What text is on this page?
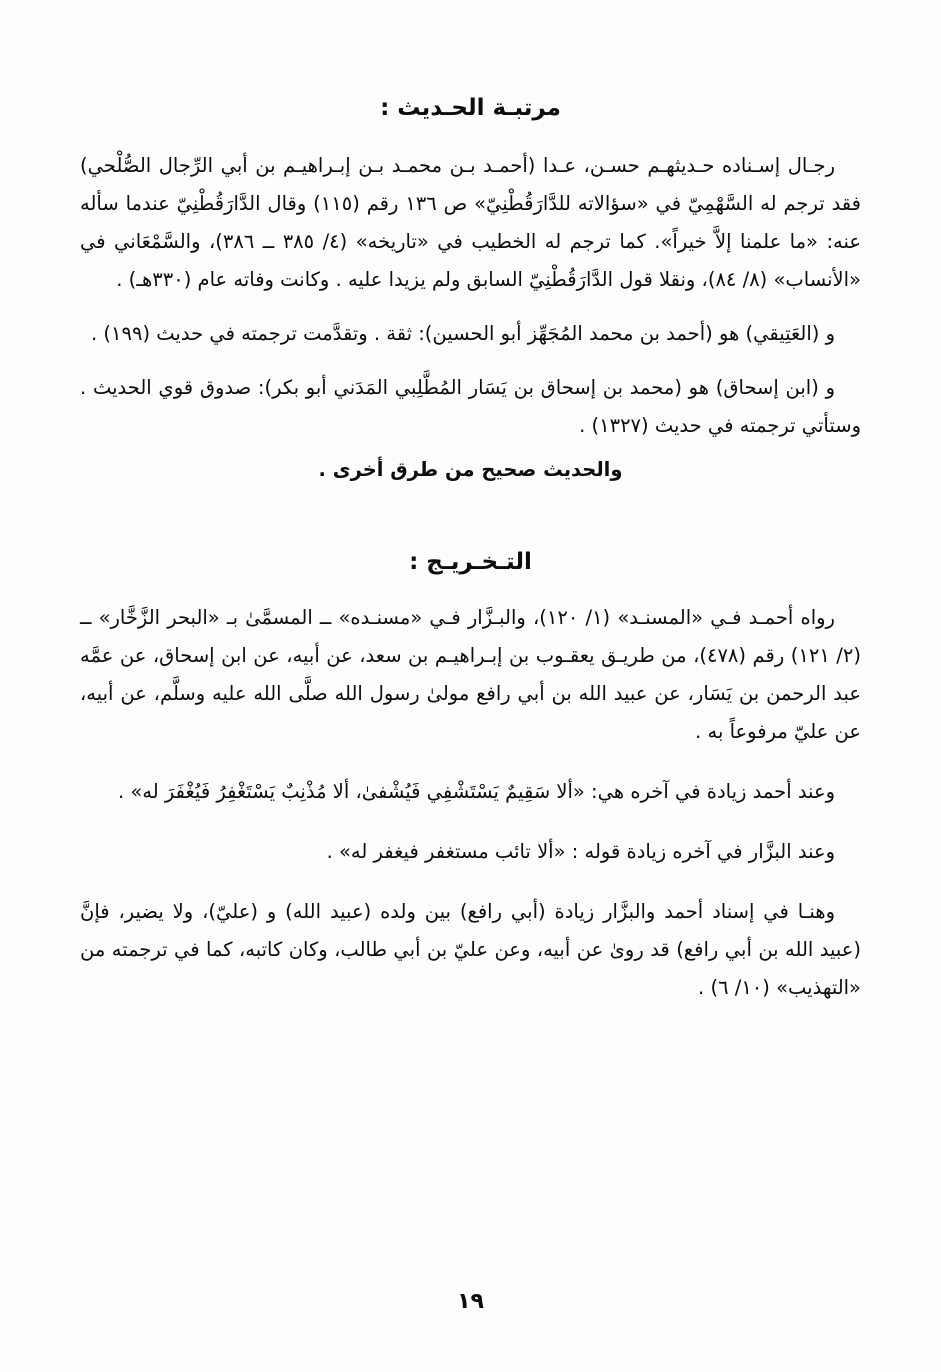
مرتبـة الحـديث :

رجـال إسـناده حـديثهـم حسـن، عـدا (أحمـد بـن محمـد بـن إبـراهيـم بن أبي الرِّجال الصُّلْحي) فقد ترجم له السَّهْمِيّ في «سؤالاته للدَّارَقُطْنِيّ» ص ١٣٦ رقم (١١٥) وقال الدَّارَقُطْنِيّ عندما سأله عنه: «ما علمنا إلاَّ خيراً». كما ترجم له الخطيب في «تاريخه» (٤/ ٣٨٥ ــ ٣٨٦)، والسَّمْعَاني في «الأنساب» (٨/ ٨٤)، ونقلا قول الدَّارَقُطْنِيّ السابق ولم يزيدا عليه . وكانت وفاته عام (٣٣٠هـ) .

و (العَتِيقي) هو (أحمد بن محمد المُجَهِّز أبو الحسين): ثقة . وتقدَّمت ترجمته في حديث (١٩٩) .

و (ابن إسحاق) هو (محمد بن إسحاق بن يَسَار المُطَّلِبي المَدَني أبو بكر): صدوق قوي الحديث . وستأتي ترجمته في حديث (١٣٢٧) .

والحديث صحيح من طرق أخرى .

التـخـريـج :

رواه أحمـد فـي «المسنـد» (١/ ١٢٠)، والبـزَّار فـي «مسنـده» ــ المسمَّىٰ بـ «البحر الزَّخَّار» ــ (٢/ ١٢١) رقم (٤٧٨)، من طريـق يعقـوب بن إبـراهيـم بن سعد، عن أبيه، عن ابن إسحاق، عن عمَّه عبد الرحمن بن يَسَار، عن عبيد الله بن أبي رافع مولىٰ رسول الله صلَّى الله عليه وسلَّم، عن أبيه، عن عليّ مرفوعاً به .

وعند أحمد زيادة في آخره هي: «ألا سَقِيمٌ يَسْتَشْفِي فَيُشْفىٰ، ألا مُذْنِبٌ يَسْتَغْفِرُ فَيُغْفَرَ له» .

وعند البزَّار في آخره زيادة قوله : «ألا تائب مستغفر فيغفر له» .

وهنـا في إسناد أحمد والبزَّار زيادة (أبي رافع) بين ولده (عبيد الله) و (عليّ)، ولا يضير، فإنَّ (عبيد الله بن أبي رافع) قد روىٰ عن أبيه، وعن عليّ بن أبي طالب، وكان كاتبه، كما في ترجمته من «التهذيب» (١٠/ ٦) .

١٩
